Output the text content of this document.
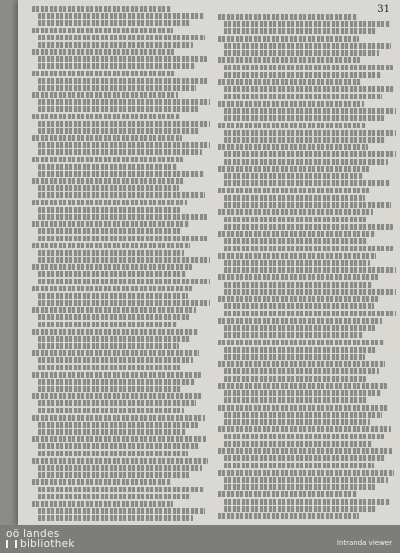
31
oö landes
bibliothek	Intranda viewer
